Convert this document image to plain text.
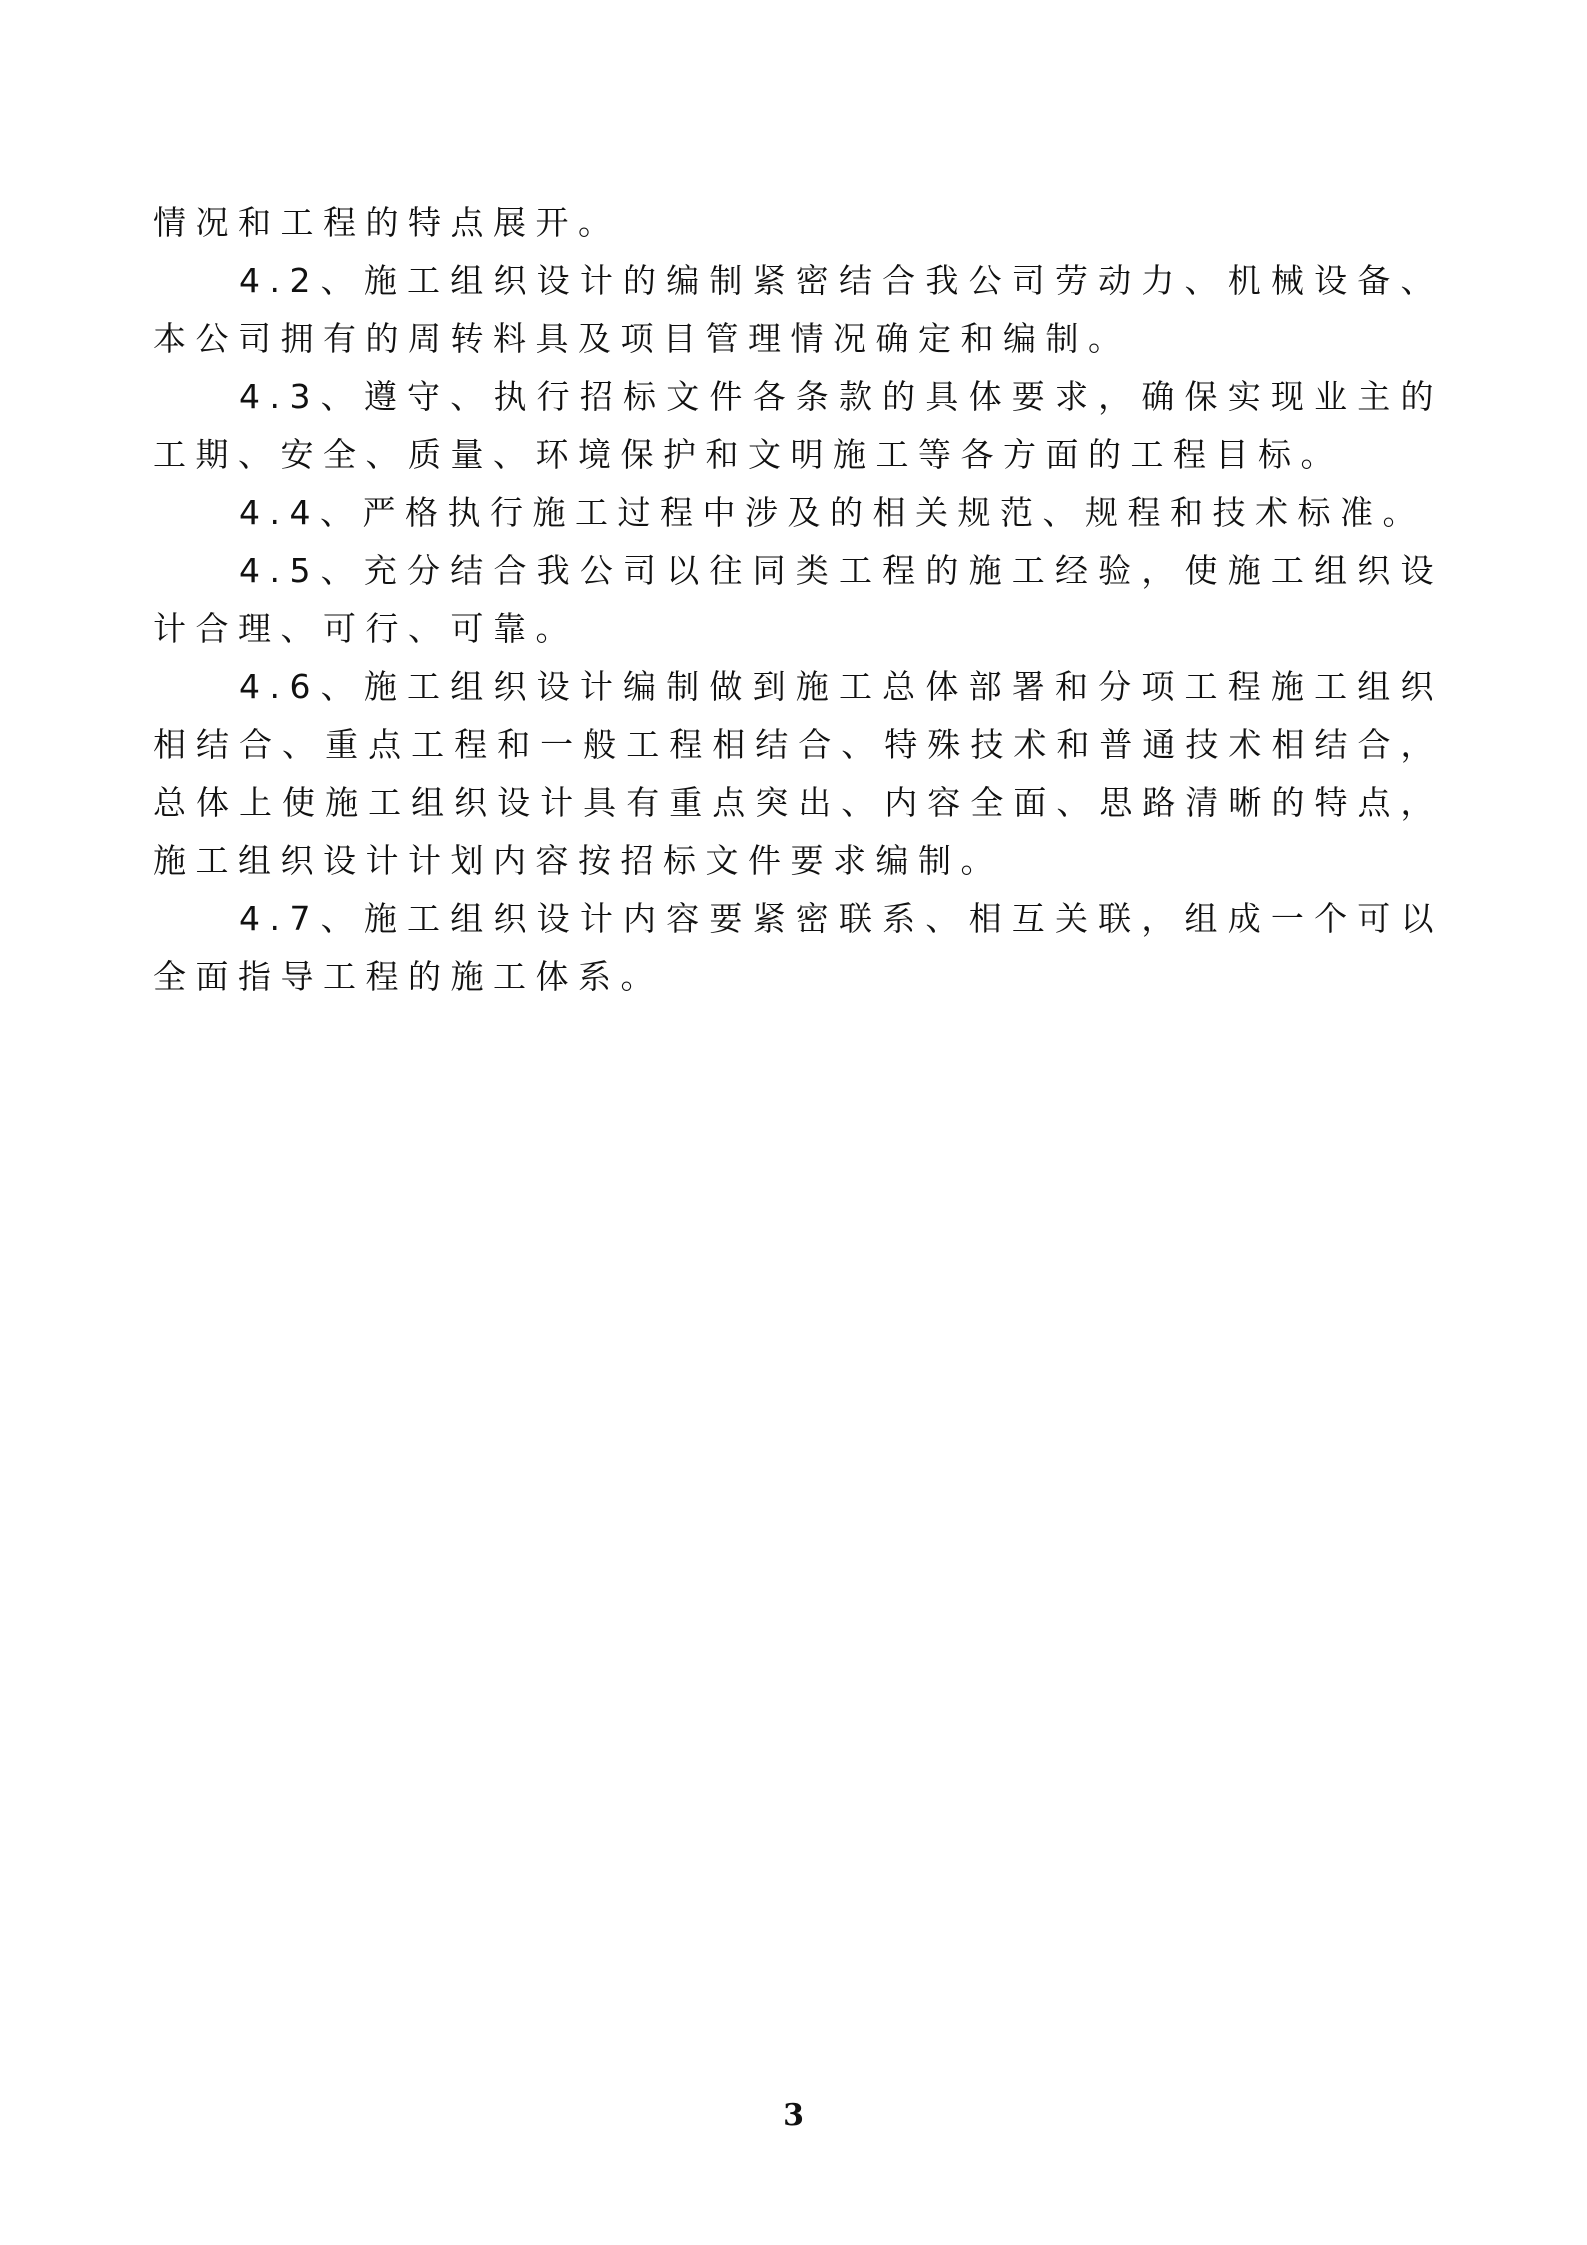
情况和工程的特点展开。

4.2、施工组织设计的编制紧密结合我公司劳动力、机械设备、本公司拥有的周转料具及项目管理情况确定和编制。

4.3、遵守、执行招标文件各条款的具体要求，确保实现业主的工期、安全、质量、环境保护和文明施工等各方面的工程目标。

4.4、严格执行施工过程中涉及的相关规范、规程和技术标准。

4.5、充分结合我公司以往同类工程的施工经验，使施工组织设计合理、可行、可靠。

4.6、施工组织设计编制做到施工总体部署和分项工程施工组织相结合、重点工程和一般工程相结合、特殊技术和普通技术相结合，总体上使施工组织设计具有重点突出、内容全面、思路清晰的特点，施工组织设计计划内容按招标文件要求编制。

4.7、施工组织设计内容要紧密联系、相互关联，组成一个可以全面指导工程的施工体系。

3
